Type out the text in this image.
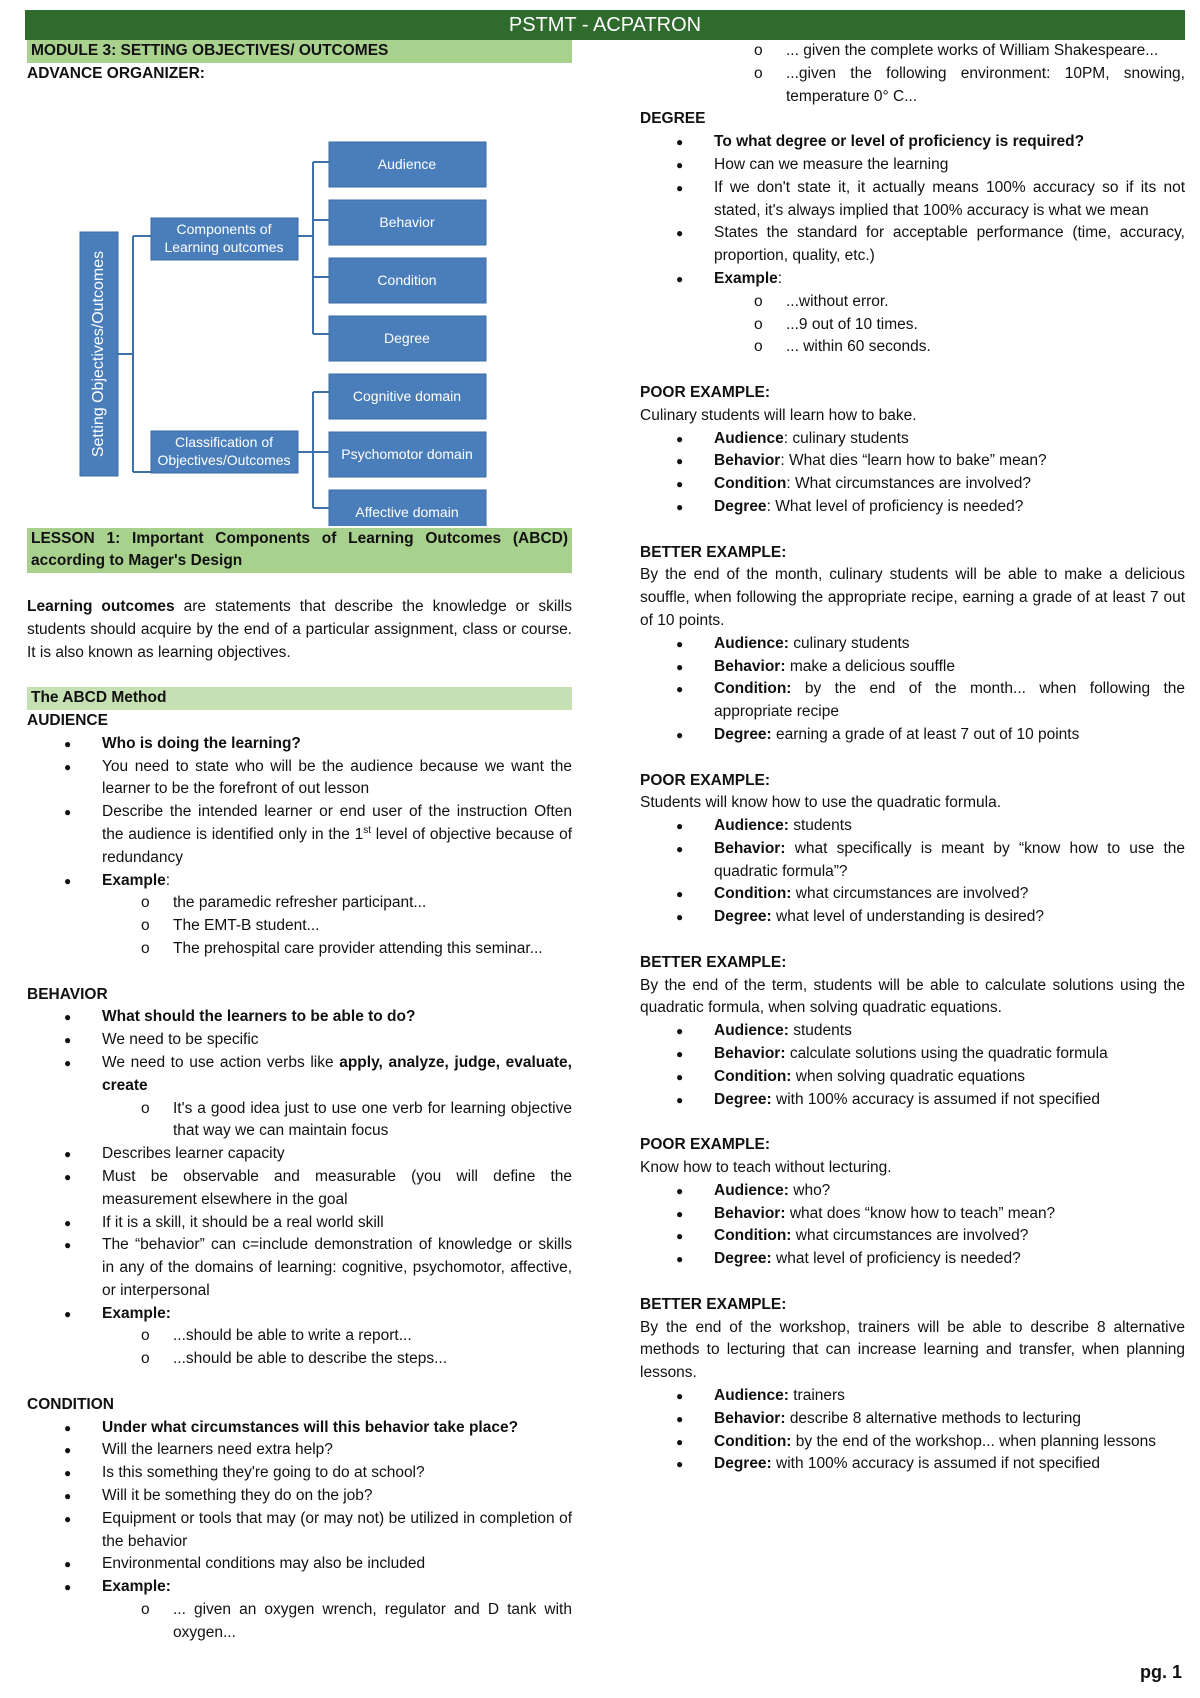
PSTMT - ACPATRON
MODULE 3: SETTING OBJECTIVES/ OUTCOMES
ADVANCE ORGANIZER:
Setting Objectives/Outcomes
Components of
Learning outcomes
Classification of
Objectives/Outcomes
Audience
Behavior
Condition
Degree
Cognitive domain
Psychomotor domain
Affective domain
LESSON 1: Important Components of Learning Outcomes (ABCD) according to Mager's Design

Learning outcomes are statements that describe the knowledge or skills students should acquire by the end of a particular assignment, class or course. It is also known as learning objectives.

The ABCD Method
AUDIENCE
● Who is doing the learning?
● You need to state who will be the audience because we want the learner to be the forefront of out lesson
● Describe the intended learner or end user of the instruction Often the audience is identified only in the 1st level of objective because of redundancy
● Example:
o the paramedic refresher participant...
o The EMT-B student...
o The prehospital care provider attending this seminar...
BEHAVIOR
● What should the learners to be able to do?
● We need to be specific
● We need to use action verbs like apply, analyze, judge, evaluate, create
o It's a good idea just to use one verb for learning objective that way we can maintain focus
● Describes learner capacity
● Must be observable and measurable (you will define the measurement elsewhere in the goal
● If it is a skill, it should be a real world skill
● The “behavior” can c=include demonstration of knowledge or skills in any of the domains of learning: cognitive, psychomotor, affective, or interpersonal
● Example:
o ...should be able to write a report...
o ...should be able to describe the steps...
CONDITION
● Under what circumstances will this behavior take place?
● Will the learners need extra help?
● Is this something they're going to do at school?
● Will it be something they do on the job?
● Equipment or tools that may (or may not) be utilized in completion of the behavior
● Environmental conditions may also be included
● Example:
o ... given an oxygen wrench, regulator and D tank with oxygen...
o ... given the complete works of William Shakespeare...
o ...given the following environment: 10PM, snowing, temperature 0° C...
DEGREE
● To what degree or level of proficiency is required?
● How can we measure the learning
● If we don't state it, it actually means 100% accuracy so if its not stated, it's always implied that 100% accuracy is what we mean
● States the standard for acceptable performance (time, accuracy, proportion, quality, etc.)
● Example:
o ...without error.
o ...9 out of 10 times.
o ... within 60 seconds.
POOR EXAMPLE:

Culinary students will learn how to bake.

● Audience: culinary students
● Behavior: What dies “learn how to bake” mean?
● Condition: What circumstances are involved?
● Degree: What level of proficiency is needed?
BETTER EXAMPLE:

By the end of the month, culinary students will be able to make a delicious souffle, when following the appropriate recipe, earning a grade of at least 7 out of 10 points.

● Audience: culinary students
● Behavior: make a delicious souffle
● Condition: by the end of the month... when following the appropriate recipe
● Degree: earning a grade of at least 7 out of 10 points
POOR EXAMPLE:

Students will know how to use the quadratic formula.

● Audience: students
● Behavior: what specifically is meant by “know how to use the quadratic formula”?
● Condition: what circumstances are involved?
● Degree: what level of understanding is desired?
BETTER EXAMPLE:

By the end of the term, students will be able to calculate solutions using the quadratic formula, when solving quadratic equations.

● Audience: students
● Behavior: calculate solutions using the quadratic formula
● Condition: when solving quadratic equations
● Degree: with 100% accuracy is assumed if not specified
POOR EXAMPLE:

Know how to teach without lecturing.

● Audience: who?
● Behavior: what does “know how to teach” mean?
● Condition: what circumstances are involved?
● Degree: what level of proficiency is needed?
BETTER EXAMPLE:

By the end of the workshop, trainers will be able to describe 8 alternative methods to lecturing that can increase learning and transfer, when planning lessons.

● Audience: trainers
● Behavior: describe 8 alternative methods to lecturing
● Condition: by the end of the workshop... when planning lessons
● Degree: with 100% accuracy is assumed if not specified
pg. 1
